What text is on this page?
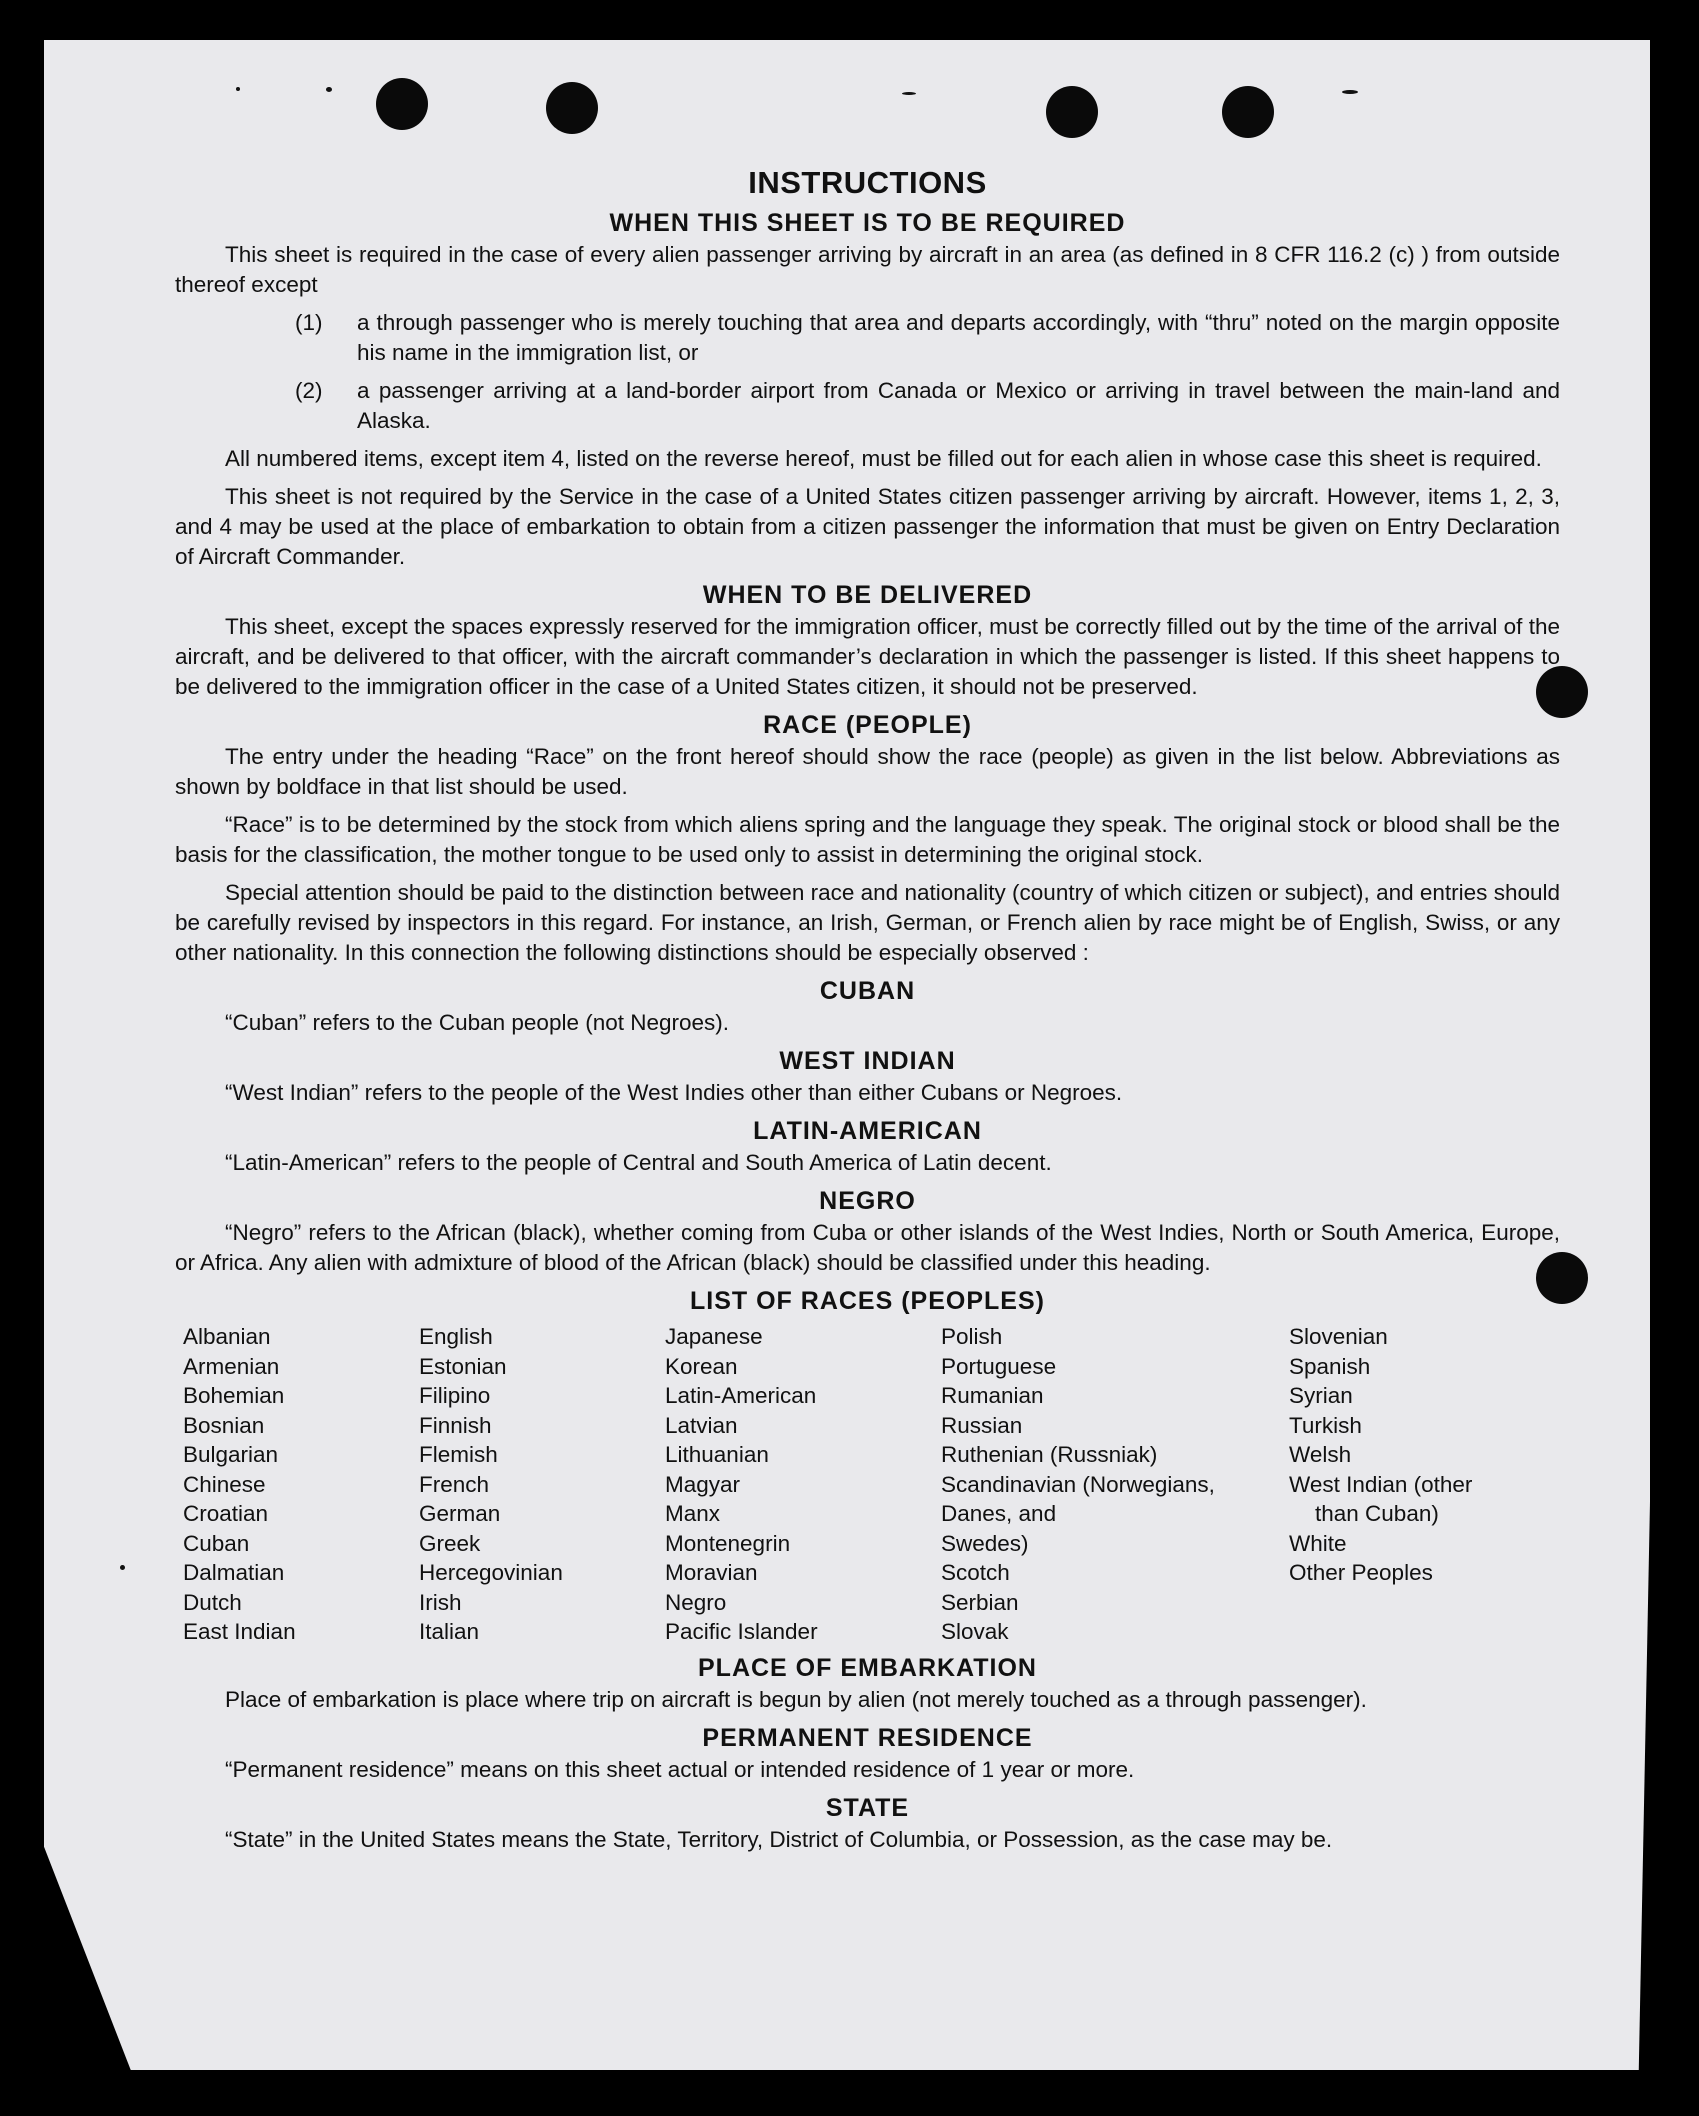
INSTRUCTIONS
WHEN THIS SHEET IS TO BE REQUIRED

This sheet is required in the case of every alien passenger arriving by aircraft in an area (as defined in 8 CFR 116.2 (c) ) from outside thereof except

(1)	a through passenger who is merely touching that area and departs accordingly, with “thru” noted on the margin opposite his name in the immigration list, or
(2)	a passenger arriving at a land-border airport from Canada or Mexico or arriving in travel between the main-land and Alaska.

All numbered items, except item 4, listed on the reverse hereof, must be filled out for each alien in whose case this sheet is required.

This sheet is not required by the Service in the case of a United States citizen passenger arriving by aircraft. However, items 1, 2, 3, and 4 may be used at the place of embarkation to obtain from a citizen passenger the information that must be given on Entry Declaration of Aircraft Commander.

WHEN TO BE DELIVERED

This sheet, except the spaces expressly reserved for the immigration officer, must be correctly filled out by the time of the arrival of the aircraft, and be delivered to that officer, with the aircraft commander’s declaration in which the passenger is listed. If this sheet happens to be delivered to the immigration officer in the case of a United States citizen, it should not be preserved.

RACE (PEOPLE)

The entry under the heading “Race” on the front hereof should show the race (people) as given in the list below. Abbreviations as shown by boldface in that list should be used.

“Race” is to be determined by the stock from which aliens spring and the language they speak. The original stock or blood shall be the basis for the classification, the mother tongue to be used only to assist in determining the original stock.

Special attention should be paid to the distinction between race and nationality (country of which citizen or subject), and entries should be carefully revised by inspectors in this regard. For instance, an Irish, German, or French alien by race might be of English, Swiss, or any other nationality. In this connection the following distinctions should be especially observed :

CUBAN

“Cuban” refers to the Cuban people (not Negroes).

WEST INDIAN

“West Indian” refers to the people of the West Indies other than either Cubans or Negroes.

LATIN-AMERICAN

“Latin-American” refers to the people of Central and South America of Latin decent.

NEGRO

“Negro” refers to the African (black), whether coming from Cuba or other islands of the West Indies, North or South America, Europe, or Africa. Any alien with admixture of blood of the African (black) should be classified under this heading.

LIST OF RACES (PEOPLES)
Albanian
Armenian
Bohemian
Bosnian
Bulgarian
Chinese
Croatian
Cuban
Dalmatian
Dutch
East Indian
English
Estonian
Filipino
Finnish
Flemish
French
German
Greek
Hercegovinian
Irish
Italian
Japanese
Korean
Latin-American
Latvian
Lithuanian
Magyar
Manx
Montenegrin
Moravian
Negro
Pacific Islander
Polish
Portuguese
Rumanian
Russian
Ruthenian (Russniak)
Scandinavian (Norwegians,
Danes, and
Swedes)
Scotch
Serbian
Slovak
Slovenian
Spanish
Syrian
Turkish
Welsh
West Indian (other
than Cuban)
White
Other Peoples
PLACE OF EMBARKATION

Place of embarkation is place where trip on aircraft is begun by alien (not merely touched as a through passenger).

PERMANENT RESIDENCE

“Permanent residence” means on this sheet actual or intended residence of 1 year or more.

STATE

“State” in the United States means the State, Territory, District of Columbia, or Possession, as the case may be.
